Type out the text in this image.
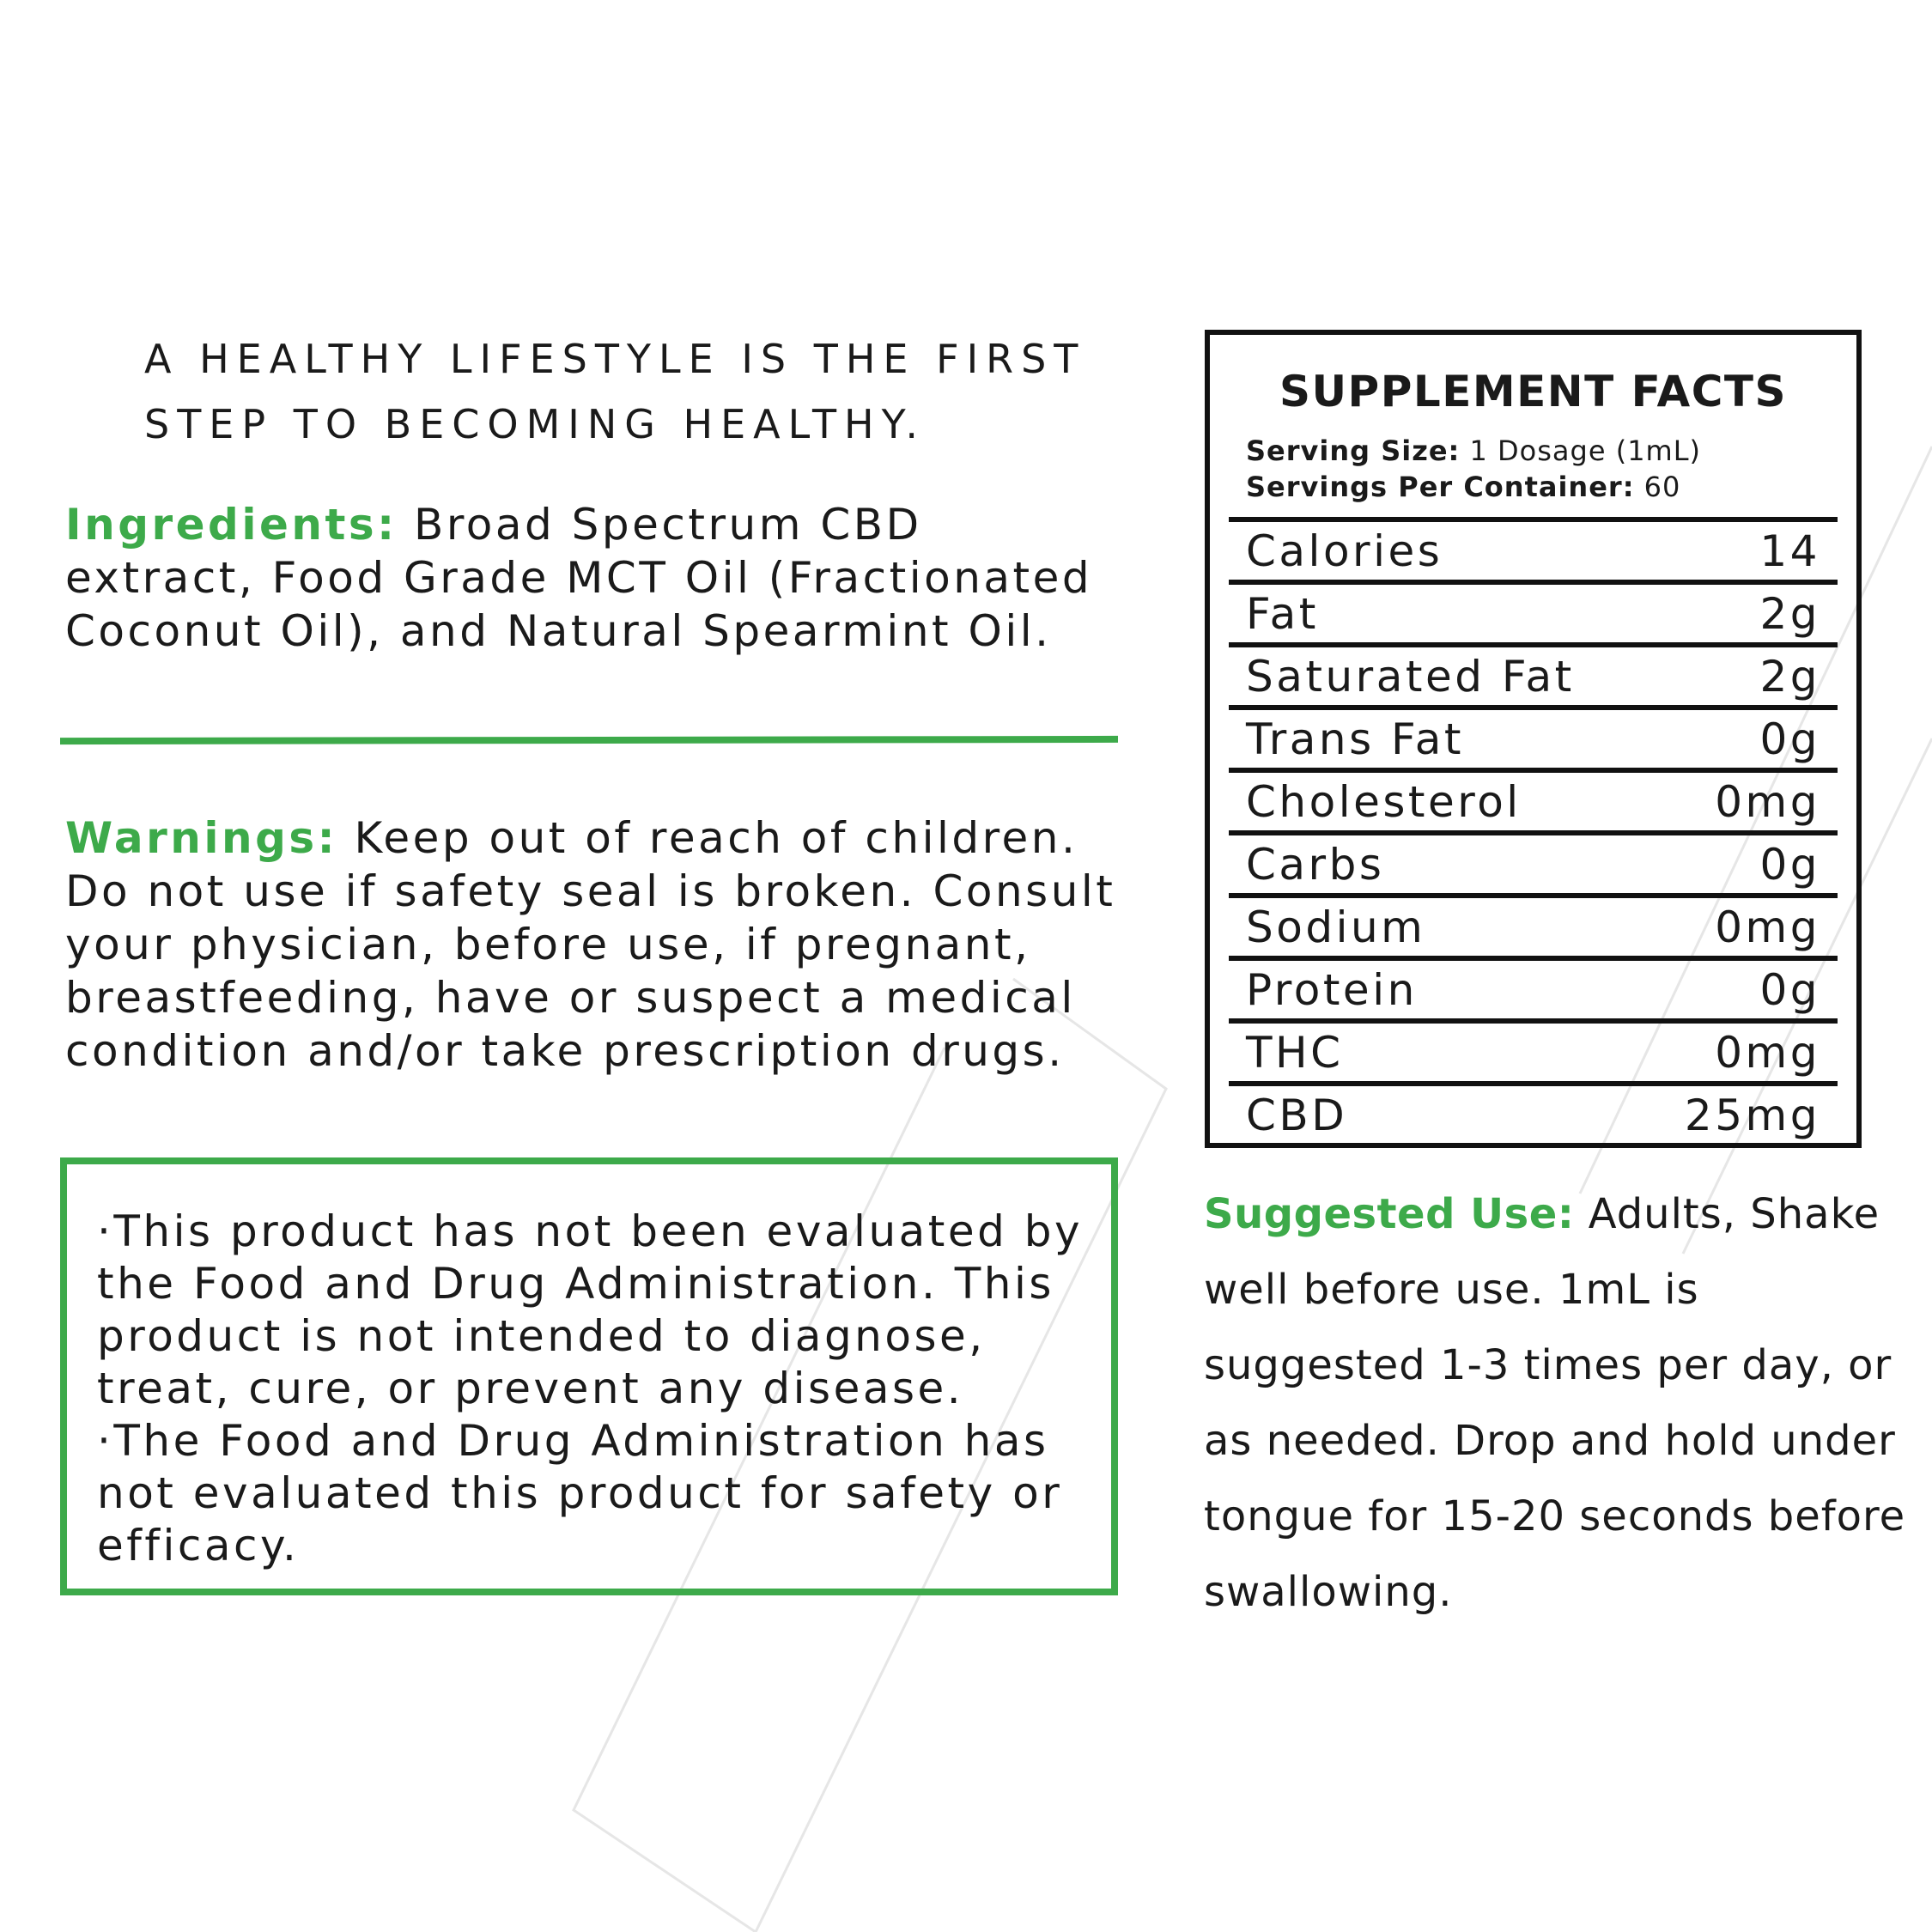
A HEALTHY LIFESTYLE IS THE FIRST
STEP TO BECOMING HEALTHY.

Ingredients: Broad Spectrum CBD extract, Food Grade MCT Oil (Fractionated Coconut Oil), and Natural Spearmint Oil.

Warnings: Keep out of reach of children. Do not use if safety seal is broken. Consult your physician, before use, if pregnant, breastfeeding, have or suspect a medical condition and/or take prescription drugs.

·This product has not been evaluated by the Food and Drug Administration. This product is not intended to diagnose, treat, cure, or prevent any disease.

·The Food and Drug Administration has not evaluated this product for safety or efficacy.

SUPPLEMENT FACTS
Serving Size: 1 Dosage (1mL)
Servings Per Container: 60
Calories	14
Fat	2g
Saturated Fat	2g
Trans Fat	0g
Cholesterol	0mg
Carbs	0g
Sodium	0mg
Protein	0g
THC	0mg
CBD	25mg

Suggested Use: Adults, Shake well before use. 1mL is suggested 1-3 times per day, or as needed. Drop and hold under tongue for 15-20 seconds before swallowing.
